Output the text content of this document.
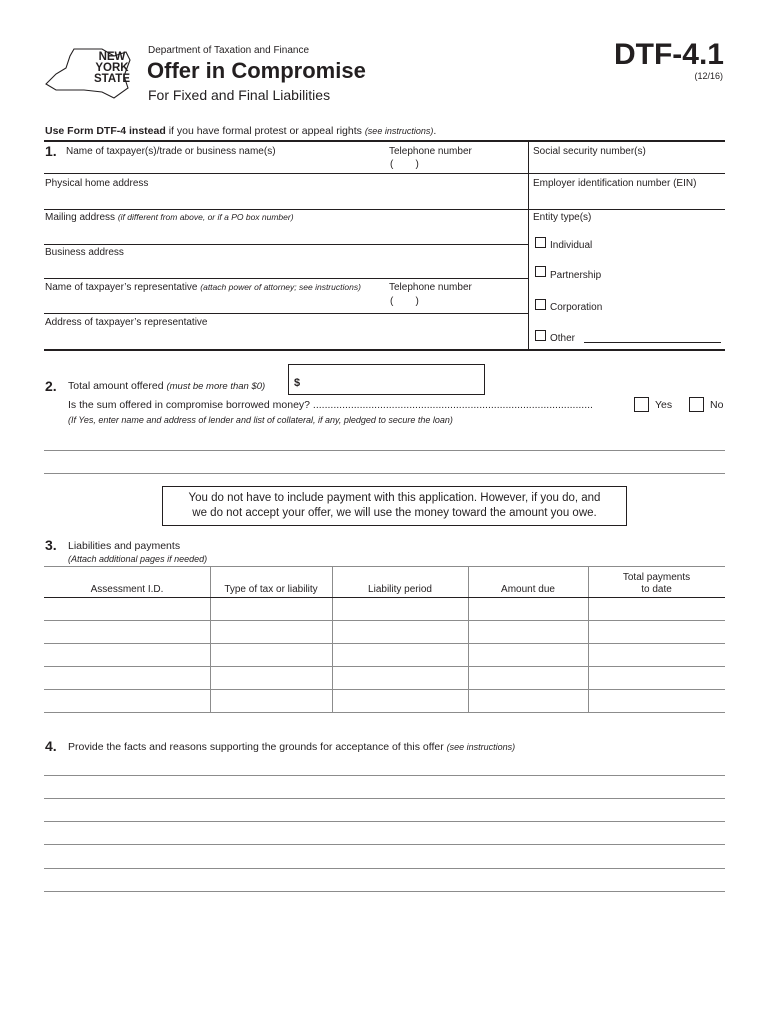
NEW
YORK
STATE
Department of Taxation and Finance
Offer in Compromise
For Fixed and Final Liabilities
DTF-4.1
(12/16)
Use Form DTF-4 instead if you have formal protest or appeal rights (see instructions).
1. Name of taxpayer(s)/trade or business name(s)	Telephone number
(        )
Social security number(s)
Physical home address	Employer identification number (EIN)
Mailing address (if different from above, or if a PO box number)	Entity type(s)
Business address
Name of taxpayer’s representative (attach power of attorney; see instructions)	Telephone number
(        )
Address of taxpayer’s representative
Individual
Partnership
Corporation
Other
2. Total amount offered (must be more than $0)	$
Is the sum offered in compromise borrowed money? ................................................................................................	Yes	No
(If Yes, enter name and address of lender and list of collateral, if any, pledged to secure the loan)
You do not have to include payment with this application. However, if you do, and
we do not accept your offer, we will use the money toward the amount you owe.
3. Liabilities and payments
(Attach additional pages if needed)
Assessment I.D.	Type of tax or liability	Liability period	Amount due
Total payments
to date
4. Provide the facts and reasons supporting the grounds for acceptance of this offer (see instructions)
